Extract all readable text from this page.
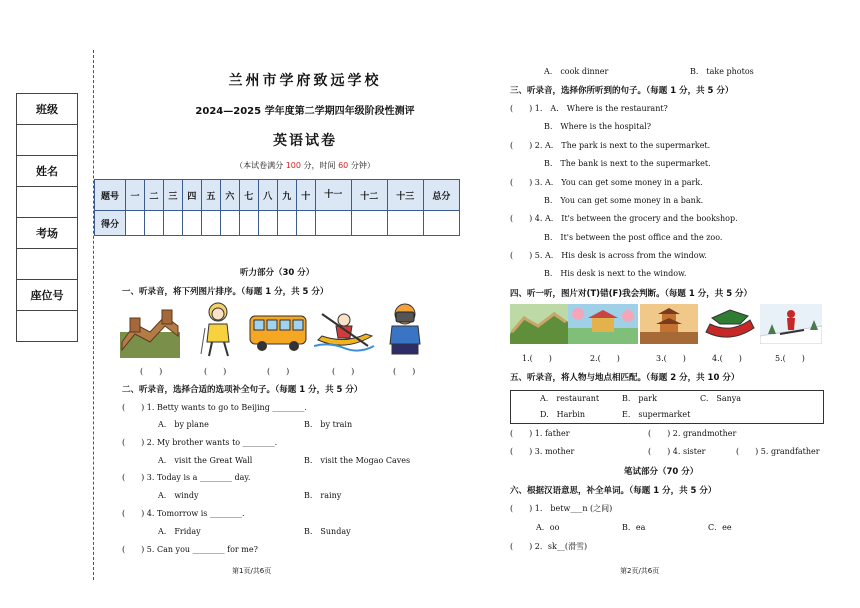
班级
姓名
考场
座位号
兰州市学府致远学校
2024—2025 学年度第二学期四年级阶段性测评
英语试卷
（本试卷满分 100 分，时间 60 分钟）
题号	一	二	三	四	五	六	七	八	九	十	十一	十二	十三	总分
得分														
听力部分（30 分）
一、听录音，将下列图片排序。（每题 1 分，共 5 分）
(　　)	(　　)	(　　)	(　　)	(　　)
二、听录音，选择合适的选项补全句子。（每题 1 分，共 5 分）
(　　) 1. Betty wants to go to Beijing ________.
A.　by plane	B.　by train
(　　) 2. My brother wants to ________.
A.　visit the Great Wall	B.　visit the Mogao Caves
(　　) 3. Today is a ________ day.
A.　windy	B.　rainy
(　　) 4. Tomorrow is ________.
A.　Friday	B.　Sunday
(　　) 5. Can you ________ for me?
第1页/共6页
A.　cook dinner	B.　take photos
三、听录音，选择你所听到的句子。（每题 1 分，共 5 分）
(　　) 1.　A.　Where is the restaurant?
B.　Where is the hospital?
(　　) 2. A.　The park is next to the supermarket.
B.　The bank is next to the supermarket.
(　　) 3. A.　You can get some money in a park.
B.　You can get some money in a bank.
(　　) 4. A.　It's between the grocery and the bookshop.
B.　It's between the post office and the zoo.
(　　) 5. A.　His desk is across from the window.
B.　His desk is next to the window.
四、听一听，图片对(T)错(F)我会判断。（每题 1 分，共 5 分）
1.(　　)	2.(　　)	3.(　　)	4.(　　)	5.(　　)
五、听录音，将人物与地点相匹配。（每题 2 分，共 10 分）
A.　restaurant	B.　park	C.　Sanya
D.　Harbin	E.　supermarket
(　　) 1. father	(　　) 2. grandmother
(　　) 3. mother	(　　) 4. sister	(　　) 5. grandfather
笔试部分（70 分）
六、根据汉语意思，补全单词。（每题 1 分，共 5 分）
(　　) 1.　betw___n (之间)
A．oo	B．ea	C．ee
(　　) 2．sk__(滑雪)
第2页/共6页
